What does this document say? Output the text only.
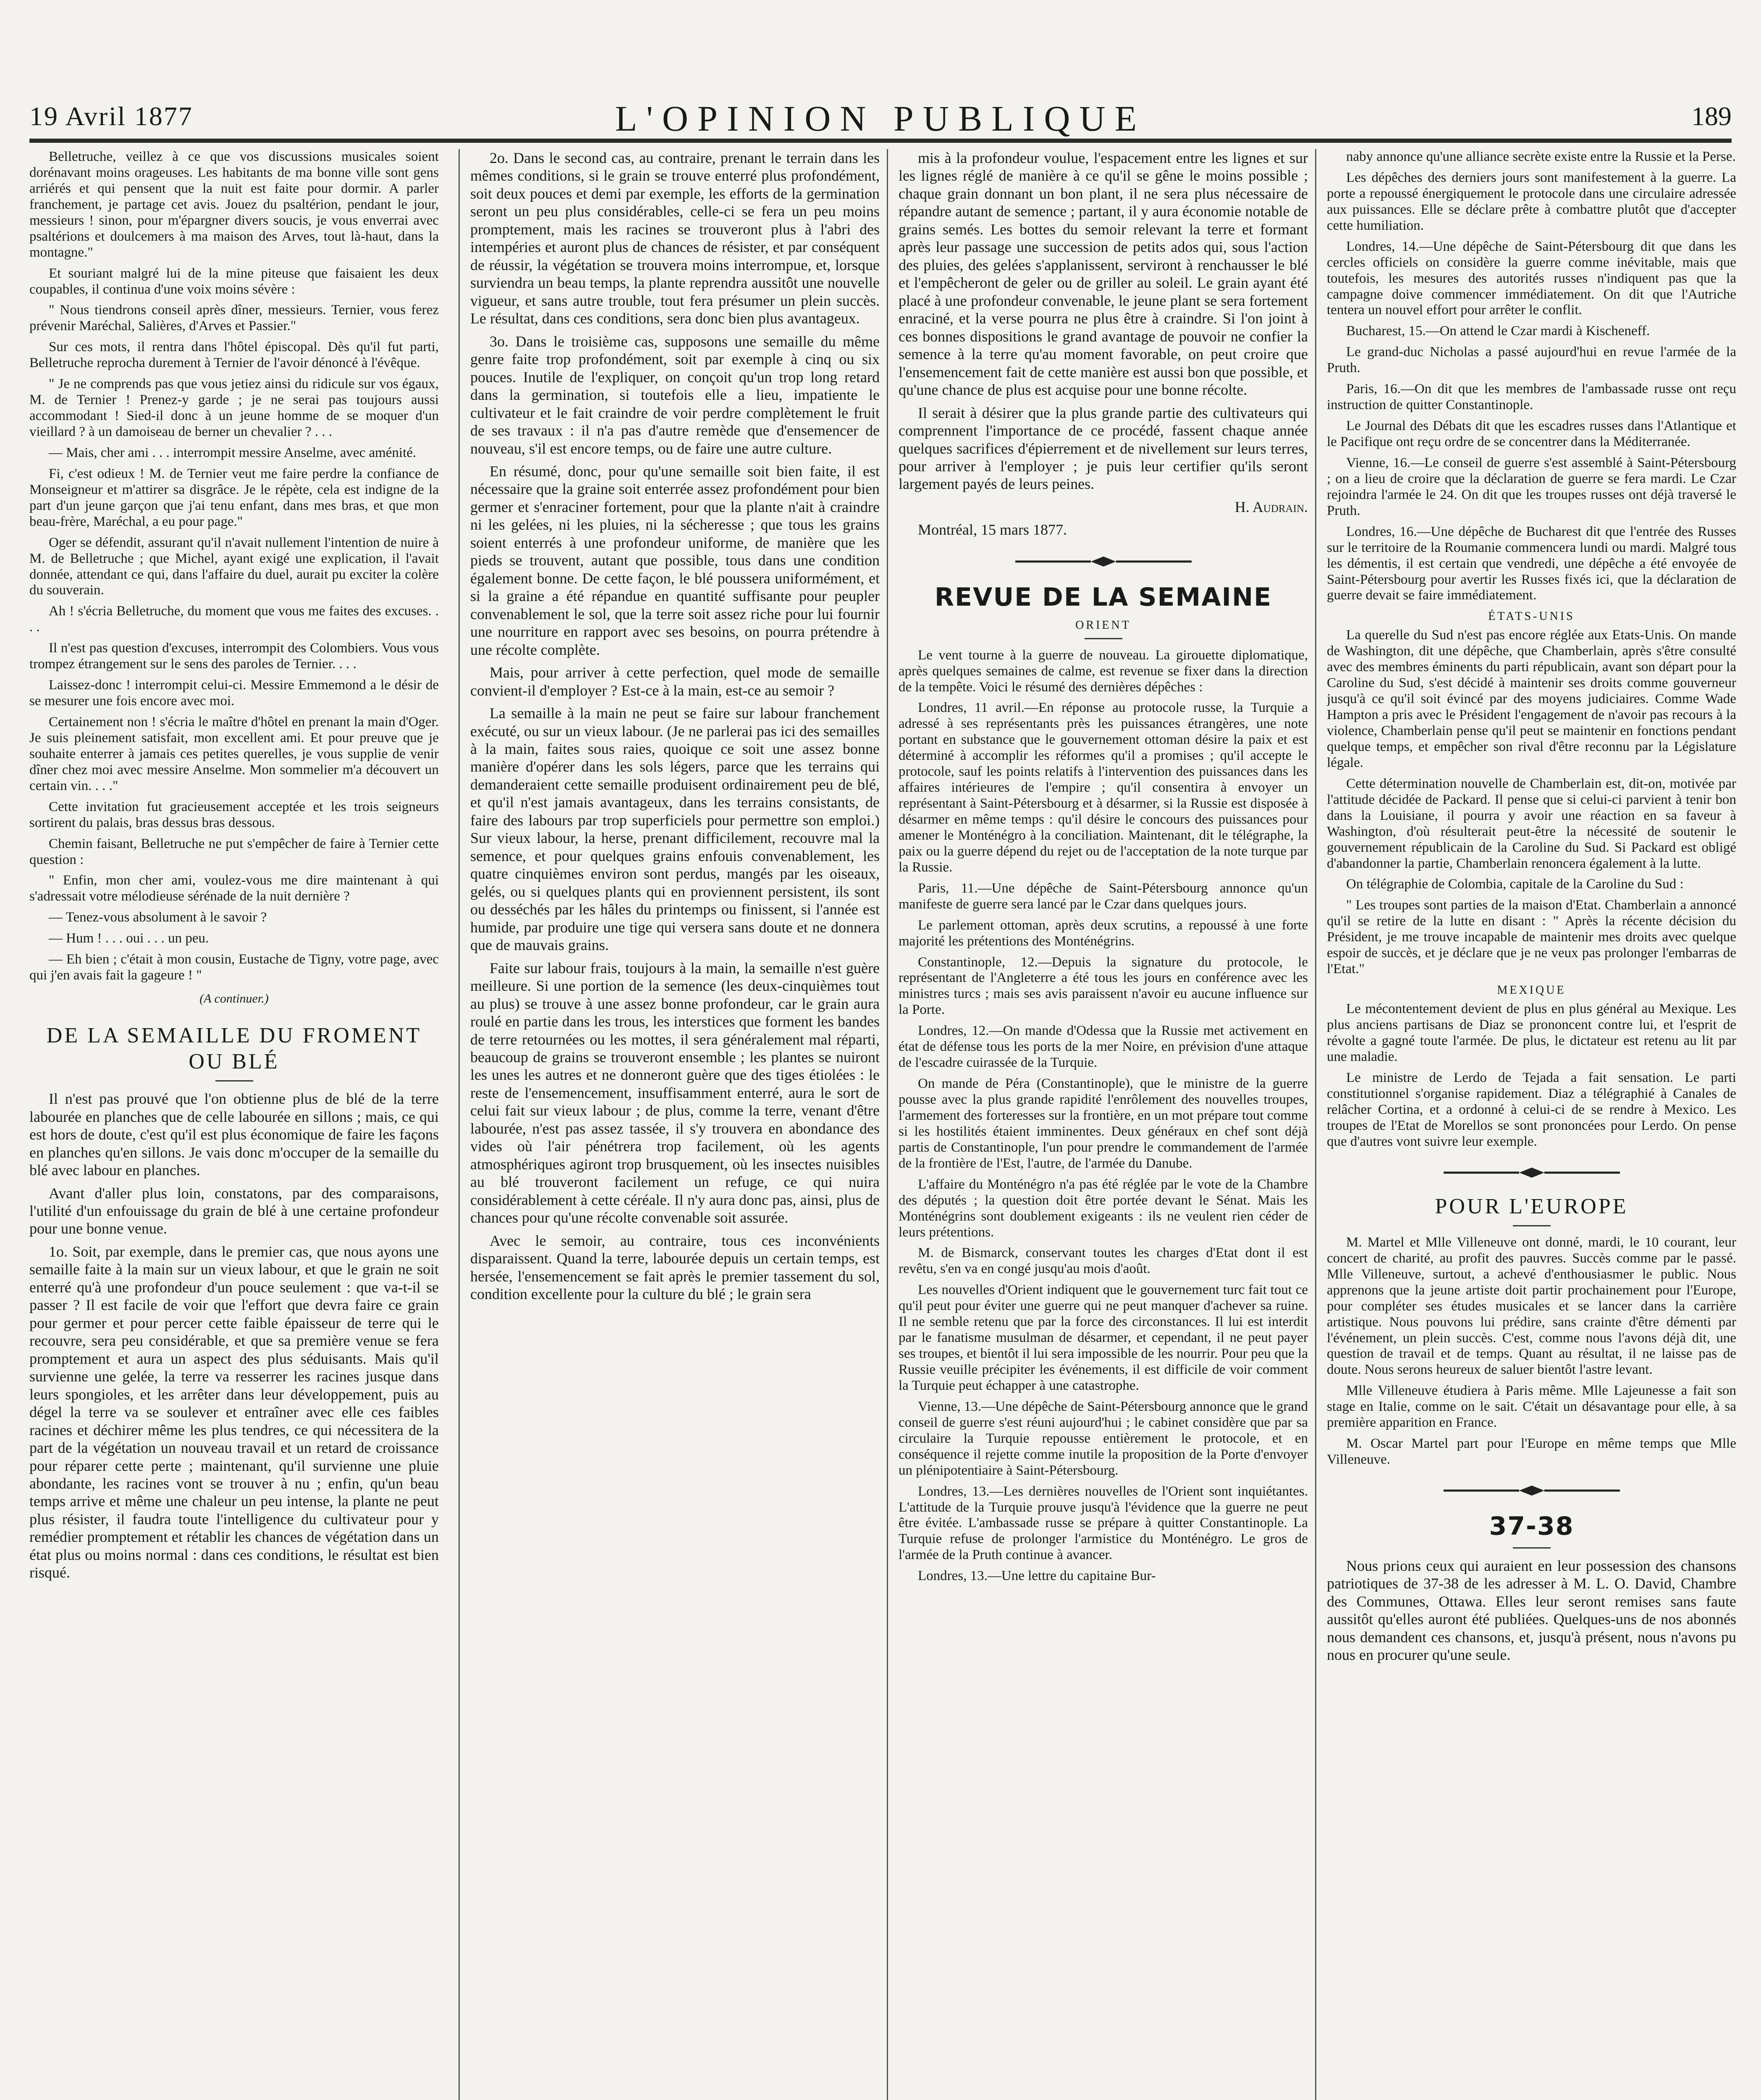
19 Avril 1877	L'OPINION PUBLIQUE	189

Belletruche, veillez à ce que vos discussions musicales soient dorénavant moins orageuses. Les habitants de ma bonne ville sont gens arriérés et qui pensent que la nuit est faite pour dormir. A parler franchement, je partage cet avis. Jouez du psaltérion, pendant le jour, messieurs ! sinon, pour m'épargner divers soucis, je vous enverrai avec psaltérions et doulcemers à ma maison des Arves, tout là-haut, dans la montagne."

Et souriant malgré lui de la mine piteuse que faisaient les deux coupables, il continua d'une voix moins sévère :

" Nous tiendrons conseil après dîner, messieurs. Ternier, vous ferez prévenir Maréchal, Salières, d'Arves et Passier."

Sur ces mots, il rentra dans l'hôtel épiscopal. Dès qu'il fut parti, Belletruche reprocha durement à Ternier de l'avoir dénoncé à l'évêque.

" Je ne comprends pas que vous jetiez ainsi du ridicule sur vos égaux, M. de Ternier ! Prenez-y garde ; je ne serai pas toujours aussi accommodant ! Sied-il donc à un jeune homme de se moquer d'un vieillard ? à un damoiseau de berner un chevalier ? . . .

— Mais, cher ami . . . interrompit messire Anselme, avec aménité.

Fi, c'est odieux ! M. de Ternier veut me faire perdre la confiance de Monseigneur et m'attirer sa disgrâce. Je le répète, cela est indigne de la part d'un jeune garçon que j'ai tenu enfant, dans mes bras, et que mon beau-frère, Maréchal, a eu pour page."

Oger se défendit, assurant qu'il n'avait nullement l'intention de nuire à M. de Belletruche ; que Michel, ayant exigé une explication, il l'avait donnée, attendant ce qui, dans l'affaire du duel, aurait pu exciter la colère du souverain.

Ah ! s'écria Belletruche, du moment que vous me faites des excuses. . . .

Il n'est pas question d'excuses, interrompit des Colombiers. Vous vous trompez étrangement sur le sens des paroles de Ternier. . . .

Laissez-donc ! interrompit celui-ci. Messire Emmemond a le désir de se mesurer une fois encore avec moi.

Certainement non ! s'écria le maître d'hôtel en prenant la main d'Oger. Je suis pleinement satisfait, mon excellent ami. Et pour preuve que je souhaite enterrer à jamais ces petites querelles, je vous supplie de venir dîner chez moi avec messire Anselme. Mon sommelier m'a découvert un certain vin. . . ."

Cette invitation fut gracieusement acceptée et les trois seigneurs sortirent du palais, bras dessus bras dessous.

Chemin faisant, Belletruche ne put s'empêcher de faire à Ternier cette question :

" Enfin, mon cher ami, voulez-vous me dire maintenant à qui s'adressait votre mélodieuse sérénade de la nuit dernière ?

— Tenez-vous absolument à le savoir ?

— Hum ! . . . oui . . . un peu.

— Eh bien ; c'était à mon cousin, Eustache de Tigny, votre page, avec qui j'en avais fait la gageure ! "

(A continuer.)
DE LA SEMAILLE DU FROMENT OU BLÉ

Il n'est pas prouvé que l'on obtienne plus de blé de la terre labourée en planches que de celle labourée en sillons ; mais, ce qui est hors de doute, c'est qu'il est plus économique de faire les façons en planches qu'en sillons. Je vais donc m'occuper de la semaille du blé avec labour en planches.

Avant d'aller plus loin, constatons, par des comparaisons, l'utilité d'un enfouissage du grain de blé à une certaine profondeur pour une bonne venue.

1o. Soit, par exemple, dans le premier cas, que nous ayons une semaille faite à la main sur un vieux labour, et que le grain ne soit enterré qu'à une profondeur d'un pouce seulement : que va-t-il se passer ? Il est facile de voir que l'effort que devra faire ce grain pour germer et pour percer cette faible épaisseur de terre qui le recouvre, sera peu considérable, et que sa première venue se fera promptement et aura un aspect des plus séduisants. Mais qu'il survienne une gelée, la terre va resserrer les racines jusque dans leurs spongioles, et les arrêter dans leur développement, puis au dégel la terre va se soulever et entraîner avec elle ces faibles racines et déchirer même les plus tendres, ce qui nécessitera de la part de la végétation un nouveau travail et un retard de croissance pour réparer cette perte ; maintenant, qu'il survienne une pluie abondante, les racines vont se trouver à nu ; enfin, qu'un beau temps arrive et même une chaleur un peu intense, la plante ne peut plus résister, il faudra toute l'intelligence du cultivateur pour y remédier promptement et rétablir les chances de végétation dans un état plus ou moins normal : dans ces conditions, le résultat est bien risqué.

2o. Dans le second cas, au contraire, prenant le terrain dans les mêmes conditions, si le grain se trouve enterré plus profondément, soit deux pouces et demi par exemple, les efforts de la germination seront un peu plus considérables, celle-ci se fera un peu moins promptement, mais les racines se trouveront plus à l'abri des intempéries et auront plus de chances de résister, et par conséquent de réussir, la végétation se trouvera moins interrompue, et, lorsque surviendra un beau temps, la plante reprendra aussitôt une nouvelle vigueur, et sans autre trouble, tout fera présumer un plein succès. Le résultat, dans ces conditions, sera donc bien plus avantageux.

3o. Dans le troisième cas, supposons une semaille du même genre faite trop profondément, soit par exemple à cinq ou six pouces. Inutile de l'expliquer, on conçoit qu'un trop long retard dans la germination, si toutefois elle a lieu, impatiente le cultivateur et le fait craindre de voir perdre complètement le fruit de ses travaux : il n'a pas d'autre remède que d'ensemencer de nouveau, s'il est encore temps, ou de faire une autre culture.

En résumé, donc, pour qu'une semaille soit bien faite, il est nécessaire que la graine soit enterrée assez profondément pour bien germer et s'enraciner fortement, pour que la plante n'ait à craindre ni les gelées, ni les pluies, ni la sécheresse ; que tous les grains soient enterrés à une profondeur uniforme, de manière que les pieds se trouvent, autant que possible, tous dans une condition également bonne. De cette façon, le blé poussera uniformément, et si la graine a été répandue en quantité suffisante pour peupler convenablement le sol, que la terre soit assez riche pour lui fournir une nourriture en rapport avec ses besoins, on pourra prétendre à une récolte complète.

Mais, pour arriver à cette perfection, quel mode de semaille convient-il d'employer ? Est-ce à la main, est-ce au semoir ?

La semaille à la main ne peut se faire sur labour franchement exécuté, ou sur un vieux labour. (Je ne parlerai pas ici des semailles à la main, faites sous raies, quoique ce soit une assez bonne manière d'opérer dans les sols légers, parce que les terrains qui demanderaient cette semaille produisent ordinairement peu de blé, et qu'il n'est jamais avantageux, dans les terrains consistants, de faire des labours par trop superficiels pour permettre son emploi.) Sur vieux labour, la herse, prenant difficilement, recouvre mal la semence, et pour quelques grains enfouis convenablement, les quatre cinquièmes environ sont perdus, mangés par les oiseaux, gelés, ou si quelques plants qui en proviennent persistent, ils sont ou desséchés par les hâles du printemps ou finissent, si l'année est humide, par produire une tige qui versera sans doute et ne donnera que de mauvais grains.

Faite sur labour frais, toujours à la main, la semaille n'est guère meilleure. Si une portion de la semence (les deux-cinquièmes tout au plus) se trouve à une assez bonne profondeur, car le grain aura roulé en partie dans les trous, les interstices que forment les bandes de terre retournées ou les mottes, il sera généralement mal réparti, beaucoup de grains se trouveront ensemble ; les plantes se nuiront les unes les autres et ne donneront guère que des tiges étiolées : le reste de l'ensemencement, insuffisamment enterré, aura le sort de celui fait sur vieux labour ; de plus, comme la terre, venant d'être labourée, n'est pas assez tassée, il s'y trouvera en abondance des vides où l'air pénétrera trop facilement, où les agents atmosphériques agiront trop brusquement, où les insectes nuisibles au blé trouveront facilement un refuge, ce qui nuira considérablement à cette céréale. Il n'y aura donc pas, ainsi, plus de chances pour qu'une récolte convenable soit assurée.

Avec le semoir, au contraire, tous ces inconvénients disparaissent. Quand la terre, labourée depuis un certain temps, est hersée, l'ensemencement se fait après le premier tassement du sol, condition excellente pour la culture du blé ; le grain sera

mis à la profondeur voulue, l'espacement entre les lignes et sur les lignes réglé de manière à ce qu'il se gêne le moins possible ; chaque grain donnant un bon plant, il ne sera plus nécessaire de répandre autant de semence ; partant, il y aura économie notable de grains semés. Les bottes du semoir relevant la terre et formant après leur passage une succession de petits ados qui, sous l'action des pluies, des gelées s'applanissent, serviront à renchausser le blé et l'empêcheront de geler ou de griller au soleil. Le grain ayant été placé à une profondeur convenable, le jeune plant se sera fortement enraciné, et la verse pourra ne plus être à craindre. Si l'on joint à ces bonnes dispositions le grand avantage de pouvoir ne confier la semence à la terre qu'au moment favorable, on peut croire que l'ensemencement fait de cette manière est aussi bon que possible, et qu'une chance de plus est acquise pour une bonne récolte.

Il serait à désirer que la plus grande partie des cultivateurs qui comprennent l'importance de ce procédé, fassent chaque année quelques sacrifices d'épierrement et de nivellement sur leurs terres, pour arriver à l'employer ; je puis leur certifier qu'ils seront largement payés de leurs peines.

H. Audrain.

Montréal, 15 mars 1877.

REVUE DE LA SEMAINE
ORIENT

Le vent tourne à la guerre de nouveau. La girouette diplomatique, après quelques semaines de calme, est revenue se fixer dans la direction de la tempête. Voici le résumé des dernières dépêches :

Londres, 11 avril.—En réponse au protocole russe, la Turquie a adressé à ses représentants près les puissances étrangères, une note portant en substance que le gouvernement ottoman désire la paix et est déterminé à accomplir les réformes qu'il a promises ; qu'il accepte le protocole, sauf les points relatifs à l'intervention des puissances dans les affaires intérieures de l'empire ; qu'il consentira à envoyer un représentant à Saint-Pétersbourg et à désarmer, si la Russie est disposée à désarmer en même temps : qu'il désire le concours des puissances pour amener le Monténégro à la conciliation. Maintenant, dit le télégraphe, la paix ou la guerre dépend du rejet ou de l'acceptation de la note turque par la Russie.

Paris, 11.—Une dépêche de Saint-Pétersbourg annonce qu'un manifeste de guerre sera lancé par le Czar dans quelques jours.

Le parlement ottoman, après deux scrutins, a repoussé à une forte majorité les prétentions des Monténégrins.

Constantinople, 12.—Depuis la signature du protocole, le représentant de l'Angleterre a été tous les jours en conférence avec les ministres turcs ; mais ses avis paraissent n'avoir eu aucune influence sur la Porte.

Londres, 12.—On mande d'Odessa que la Russie met activement en état de défense tous les ports de la mer Noire, en prévision d'une attaque de l'escadre cuirassée de la Turquie.

On mande de Péra (Constantinople), que le ministre de la guerre pousse avec la plus grande rapidité l'enrôlement des nouvelles troupes, l'armement des forteresses sur la frontière, en un mot prépare tout comme si les hostilités étaient imminentes. Deux généraux en chef sont déjà partis de Constantinople, l'un pour prendre le commandement de l'armée de la frontière de l'Est, l'autre, de l'armée du Danube.

L'affaire du Monténégro n'a pas été réglée par le vote de la Chambre des députés ; la question doit être portée devant le Sénat. Mais les Monténégrins sont doublement exigeants : ils ne veulent rien céder de leurs prétentions.

M. de Bismarck, conservant toutes les charges d'Etat dont il est revêtu, s'en va en congé jusqu'au mois d'août.

Les nouvelles d'Orient indiquent que le gouvernement turc fait tout ce qu'il peut pour éviter une guerre qui ne peut manquer d'achever sa ruine. Il ne semble retenu que par la force des circonstances. Il lui est interdit par le fanatisme musulman de désarmer, et cependant, il ne peut payer ses troupes, et bientôt il lui sera impossible de les nourrir. Pour peu que la Russie veuille précipiter les événements, il est difficile de voir comment la Turquie peut échapper à une catastrophe.

Vienne, 13.—Une dépêche de Saint-Pétersbourg annonce que le grand conseil de guerre s'est réuni aujourd'hui ; le cabinet considère que par sa circulaire la Turquie repousse entièrement le protocole, et en conséquence il rejette comme inutile la proposition de la Porte d'envoyer un plénipotentiaire à Saint-Pétersbourg.

Londres, 13.—Les dernières nouvelles de l'Orient sont inquiétantes. L'attitude de la Turquie prouve jusqu'à l'évidence que la guerre ne peut être évitée. L'ambassade russe se prépare à quitter Constantinople. La Turquie refuse de prolonger l'armistice du Monténégro. Le gros de l'armée de la Pruth continue à avancer.

Londres, 13.—Une lettre du capitaine Bur-

naby annonce qu'une alliance secrète existe entre la Russie et la Perse.

Les dépêches des derniers jours sont manifestement à la guerre. La porte a repoussé énergiquement le protocole dans une circulaire adressée aux puissances. Elle se déclare prête à combattre plutôt que d'accepter cette humiliation.

Londres, 14.—Une dépêche de Saint-Pétersbourg dit que dans les cercles officiels on considère la guerre comme inévitable, mais que toutefois, les mesures des autorités russes n'indiquent pas que la campagne doive commencer immédiatement. On dit que l'Autriche tentera un nouvel effort pour arrêter le conflit.

Bucharest, 15.—On attend le Czar mardi à Kischeneff.

Le grand-duc Nicholas a passé aujourd'hui en revue l'armée de la Pruth.

Paris, 16.—On dit que les membres de l'ambassade russe ont reçu instruction de quitter Constantinople.

Le Journal des Débats dit que les escadres russes dans l'Atlantique et le Pacifique ont reçu ordre de se concentrer dans la Méditerranée.

Vienne, 16.—Le conseil de guerre s'est assemblé à Saint-Pétersbourg ; on a lieu de croire que la déclaration de guerre se fera mardi. Le Czar rejoindra l'armée le 24. On dit que les troupes russes ont déjà traversé le Pruth.

Londres, 16.—Une dépêche de Bucharest dit que l'entrée des Russes sur le territoire de la Roumanie commencera lundi ou mardi. Malgré tous les démentis, il est certain que vendredi, une dépêche a été envoyée de Saint-Pétersbourg pour avertir les Russes fixés ici, que la déclaration de guerre devait se faire immédiatement.

ÉTATS-UNIS

La querelle du Sud n'est pas encore réglée aux Etats-Unis. On mande de Washington, dit une dépêche, que Chamberlain, après s'être consulté avec des membres éminents du parti républicain, avant son départ pour la Caroline du Sud, s'est décidé à maintenir ses droits comme gouverneur jusqu'à ce qu'il soit évincé par des moyens judiciaires. Comme Wade Hampton a pris avec le Président l'engagement de n'avoir pas recours à la violence, Chamberlain pense qu'il peut se maintenir en fonctions pendant quelque temps, et empêcher son rival d'être reconnu par la Législature légale.

Cette détermination nouvelle de Chamberlain est, dit-on, motivée par l'attitude décidée de Packard. Il pense que si celui-ci parvient à tenir bon dans la Louisiane, il pourra y avoir une réaction en sa faveur à Washington, d'où résulterait peut-être la nécessité de soutenir le gouvernement républicain de la Caroline du Sud. Si Packard est obligé d'abandonner la partie, Chamberlain renoncera également à la lutte.

On télégraphie de Colombia, capitale de la Caroline du Sud :

" Les troupes sont parties de la maison d'Etat. Chamberlain a annoncé qu'il se retire de la lutte en disant : " Après la récente décision du Président, je me trouve incapable de maintenir mes droits avec quelque espoir de succès, et je déclare que je ne veux pas prolonger l'embarras de l'Etat."

MEXIQUE

Le mécontentement devient de plus en plus général au Mexique. Les plus anciens partisans de Diaz se prononcent contre lui, et l'esprit de révolte a gagné toute l'armée. De plus, le dictateur est retenu au lit par une maladie.

Le ministre de Lerdo de Tejada a fait sensation. Le parti constitutionnel s'organise rapidement. Diaz a télégraphié à Canales de relâcher Cortina, et a ordonné à celui-ci de se rendre à Mexico. Les troupes de l'Etat de Morellos se sont prononcées pour Lerdo. On pense que d'autres vont suivre leur exemple.

POUR L'EUROPE

M. Martel et Mlle Villeneuve ont donné, mardi, le 10 courant, leur concert de charité, au profit des pauvres. Succès comme par le passé. Mlle Villeneuve, surtout, a achevé d'enthousiasmer le public. Nous apprenons que la jeune artiste doit partir prochainement pour l'Europe, pour compléter ses études musicales et se lancer dans la carrière artistique. Nous pouvons lui prédire, sans crainte d'être démenti par l'événement, un plein succès. C'est, comme nous l'avons déjà dit, une question de travail et de temps. Quant au résultat, il ne laisse pas de doute. Nous serons heureux de saluer bientôt l'astre levant.

Mlle Villeneuve étudiera à Paris même. Mlle Lajeunesse a fait son stage en Italie, comme on le sait. C'était un désavantage pour elle, à sa première apparition en France.

M. Oscar Martel part pour l'Europe en même temps que Mlle Villeneuve.

37-38

Nous prions ceux qui auraient en leur possession des chansons patriotiques de 37-38 de les adresser à M. L. O. David, Chambre des Communes, Ottawa. Elles leur seront remises sans faute aussitôt qu'elles auront été publiées. Quelques-uns de nos abonnés nous demandent ces chansons, et, jusqu'à présent, nous n'avons pu nous en procurer qu'une seule.
